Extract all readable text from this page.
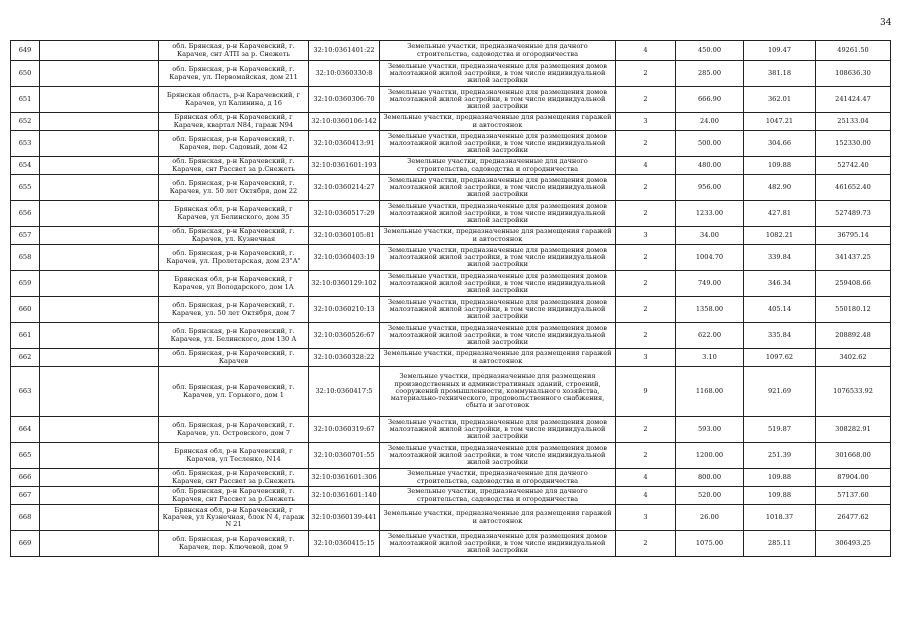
34
649		обл. Брянская, р-н Карачевский, г. Карачев, снт АТП за р. Снежеть	32:10:0361401:22	Земельные участки, предназначенные для дачного строительства, садоводства и огородничества	4	450.00	109.47	49261.50
650		обл. Брянская, р-н Карачевский, г. Карачев, ул. Первомайская, дом 211	32:10:0360330:8	Земельные участки, предназначенные для размещения домов малоэтажной жилой застройки, в том числе индивидуальной жилой застройки	2	285.00	381.18	108636.30
651		Брянская область, р-н Карачевский, г Карачев, ул Калинина, д 16	32:10:0360306:70	Земельные участки, предназначенные для размещения домов малоэтажной жилой застройки, в том числе индивидуальной жилой застройки	2	666.90	362.01	241424.47
652		Брянская обл, р-н Карачевский, г Карачев, квартал N84, гараж N94	32:10:0360106:142	Земельные участки, предназначенные для размещения гаражей и автостоянок	3	24.00	1047.21	25133.04
653		обл. Брянская, р-н Карачевский, г. Карачев, пер. Садовый, дом 42	32:10:0360413:91	Земельные участки, предназначенные для размещения домов малоэтажной жилой застройки, в том числе индивидуальной жилой застройки	2	500.00	304.66	152330.00
654		обл. Брянская, р-н Карачевский, г. Карачев, снт Рассвет за р.Снежеть	32:10:0361601:193	Земельные участки, предназначенные для дачного строительства, садоводства и огородничества	4	480.00	109.88	52742.40
655		обл. Брянская, р-н Карачевский, г. Карачев, ул. 50 лет Октября, дом 22	32:10:0360214:27	Земельные участки, предназначенные для размещения домов малоэтажной жилой застройки, в том числе индивидуальной жилой застройки	2	956.00	482.90	461652.40
656		Брянская обл, р-н Карачевский, г Карачев, ул Белинского, дом 35	32:10:0360517:29	Земельные участки, предназначенные для размещения домов малоэтажной жилой застройки, в том числе индивидуальной жилой застройки	2	1233.00	427.81	527489.73
657		обл. Брянская, р-н Карачевский, г. Карачев, ул. Кузнечная	32:10:0360105:81	Земельные участки, предназначенные для размещения гаражей и автостоянок	3	34.00	1082.21	36795.14
658		обл. Брянская, р-н Карачевский, г. Карачев, ул. Пролетарская, дом 23"А"	32:10:0360403:19	Земельные участки, предназначенные для размещения домов малоэтажной жилой застройки, в том числе индивидуальной жилой застройки	2	1004.70	339.84	341437.25
659		Брянская обл, р-н Карачевский, г Карачев, ул Володарского, дом 1А	32:10:0360129:102	Земельные участки, предназначенные для размещения домов малоэтажной жилой застройки, в том числе индивидуальной жилой застройки	2	749.00	346.34	259408.66
660		обл. Брянская, р-н Карачевский, г. Карачев, ул. 50 лет Октября, дом 7	32:10:0360210:13	Земельные участки, предназначенные для размещения домов малоэтажной жилой застройки, в том числе индивидуальной жилой застройки	2	1358.00	405.14	550180.12
661		обл. Брянская, р-н Карачевский, г. Карачев, ул. Белинского, дом 130 А	32:10:0360526:67	Земельные участки, предназначенные для размещения домов малоэтажной жилой застройки, в том числе индивидуальной жилой застройки	2	622.00	335.84	208892.48
662		обл. Брянская, р-н Карачевский, г. Карачев	32:10:0360328:22	Земельные участки, предназначенные для размещения гаражей и автостоянок	3	3.10	1097.62	3402.62
663		обл. Брянская, р-н Карачевский, г. Карачев, ул. Горького, дом 1	32:10:0360417:5	Земельные участки, предназначенные для размещения производственных и административных зданий, строений, сооружений промышленности, коммунального хозяйства, материально-технического, продовольственного снабжения, сбыта и заготовок	9	1168.00	921.69	1076533.92
664		обл. Брянская, р-н Карачевский, г. Карачев, ул. Островского, дом 7	32:10:0360319:67	Земельные участки, предназначенные для размещения домов малоэтажной жилой застройки, в том числе индивидуальной жилой застройки	2	593.00	519.87	308282.91
665		Брянская обл, р-н Карачевский, г Карачев, ул Тесленко, N14	32:10:0360701:55	Земельные участки, предназначенные для размещения домов малоэтажной жилой застройки, в том числе индивидуальной жилой застройки	2	1200.00	251.39	301668.00
666		обл. Брянская, р-н Карачевский, г. Карачев, снт Рассвет за р.Снежеть	32:10:0361601:306	Земельные участки, предназначенные для дачного строительства, садоводства и огородничества	4	800.00	109.88	87904.00
667		обл. Брянская, р-н Карачевский, г. Карачев, снт Рассвет за р.Снежеть	32:10:0361601:140	Земельные участки, предназначенные для дачного строительства, садоводства и огородничества	4	520.00	109.88	57137.60
668		Брянская обл, р-н Карачевский, г Карачев, ул Кузнечная, блок N 4, гараж N 21	32:10:0360139:441	Земельные участки, предназначенные для размещения гаражей и автостоянок	3	26.00	1018.37	26477.62
669		обл. Брянская, р-н Карачевский, г. Карачев, пер. Ключевой, дом 9	32:10:0360415:15	Земельные участки, предназначенные для размещения домов малоэтажной жилой застройки, в том числе индивидуальной жилой застройки	2	1075.00	285.11	306493.25
